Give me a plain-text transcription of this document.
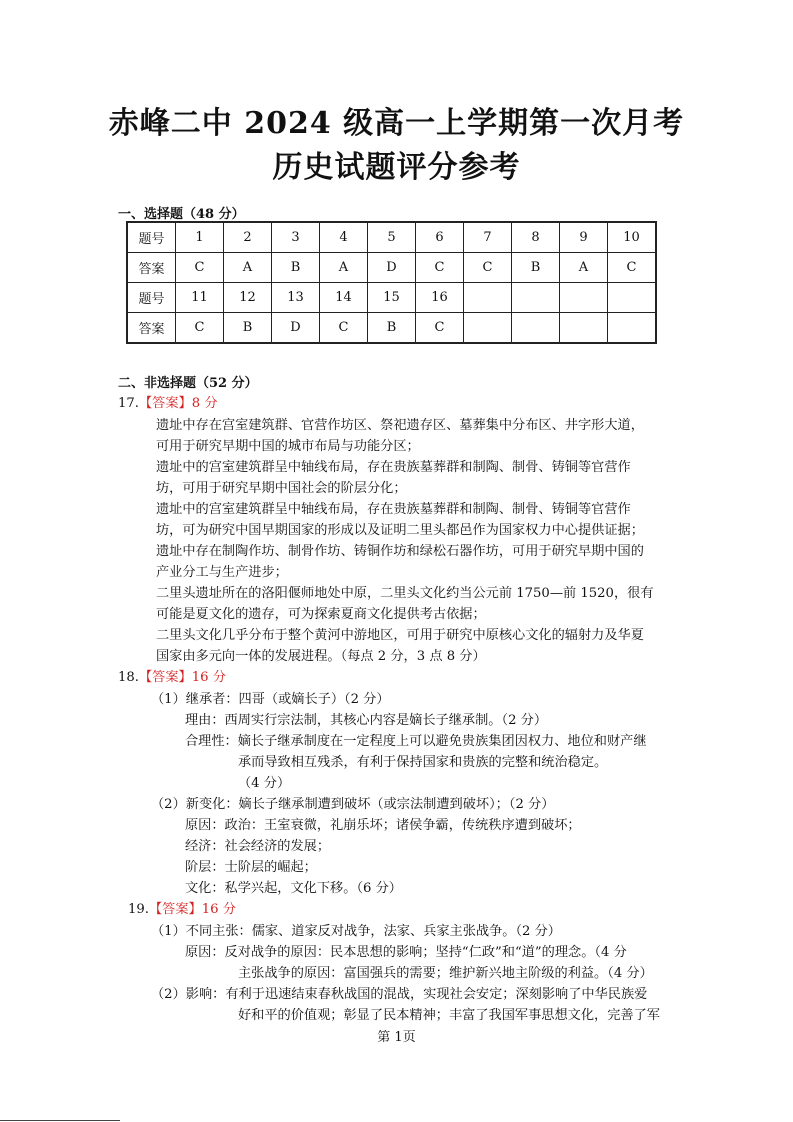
赤峰二中 2024 级高一上学期第一次月考
历史试题评分参考
一、选择题（48 分）
题号	1	2	3	4	5	6	7	8	9	10
答案	C	A	B	A	D	C	C	B	A	C
题号	11	12	13	14	15	16				
答案	C	B	D	C	B	C				
二、非选择题（52 分）
17.【答案】8 分
遗址中存在宫室建筑群、官营作坊区、祭祀遗存区、墓葬集中分布区、井字形大道，
可用于研究早期中国的城市布局与功能分区；
遗址中的宫室建筑群呈中轴线布局，存在贵族墓葬群和制陶、制骨、铸铜等官营作
坊，可用于研究早期中国社会的阶层分化；
遗址中的宫室建筑群呈中轴线布局，存在贵族墓葬群和制陶、制骨、铸铜等官营作
坊，可为研究中国早期国家的形成以及证明二里头都邑作为国家权力中心提供证据；
遗址中存在制陶作坊、制骨作坊、铸铜作坊和绿松石器作坊，可用于研究早期中国的
产业分工与生产进步；
二里头遗址所在的洛阳偃师地处中原，二里头文化约当公元前 1750—前 1520，很有
可能是夏文化的遗存，可为探索夏商文化提供考古依据；
二里头文化几乎分布于整个黄河中游地区，可用于研究中原核心文化的辐射力及华夏
国家由多元向一体的发展进程。（每点 2 分，3 点 8 分）
18.【答案】16 分
（1）继承者：四哥（或嫡长子）（2 分）
理由：西周实行宗法制，其核心内容是嫡长子继承制。（2 分）
合理性：嫡长子继承制度在一定程度上可以避免贵族集团因权力、地位和财产继
承而导致相互残杀，有利于保持国家和贵族的完整和统治稳定。
（4 分）
（2）新变化：嫡长子继承制遭到破坏（或宗法制遭到破坏）；（2 分）
原因：政治：王室衰微，礼崩乐坏；诸侯争霸，传统秩序遭到破坏；
经济：社会经济的发展；
阶层：士阶层的崛起；
文化：私学兴起，文化下移。（6 分）
19.【答案】16 分
（1）不同主张：儒家、道家反对战争，法家、兵家主张战争。（2 分）
原因：反对战争的原因：民本思想的影响；坚持“仁政”和“道”的理念。（4 分
主张战争的原因：富国强兵的需要；维护新兴地主阶级的利益。（4 分）
（2）影响：有利于迅速结束春秋战国的混战，实现社会安定；深刻影响了中华民族爱
好和平的价值观；彰显了民本精神；丰富了我国军事思想文化，完善了军
第 1页
